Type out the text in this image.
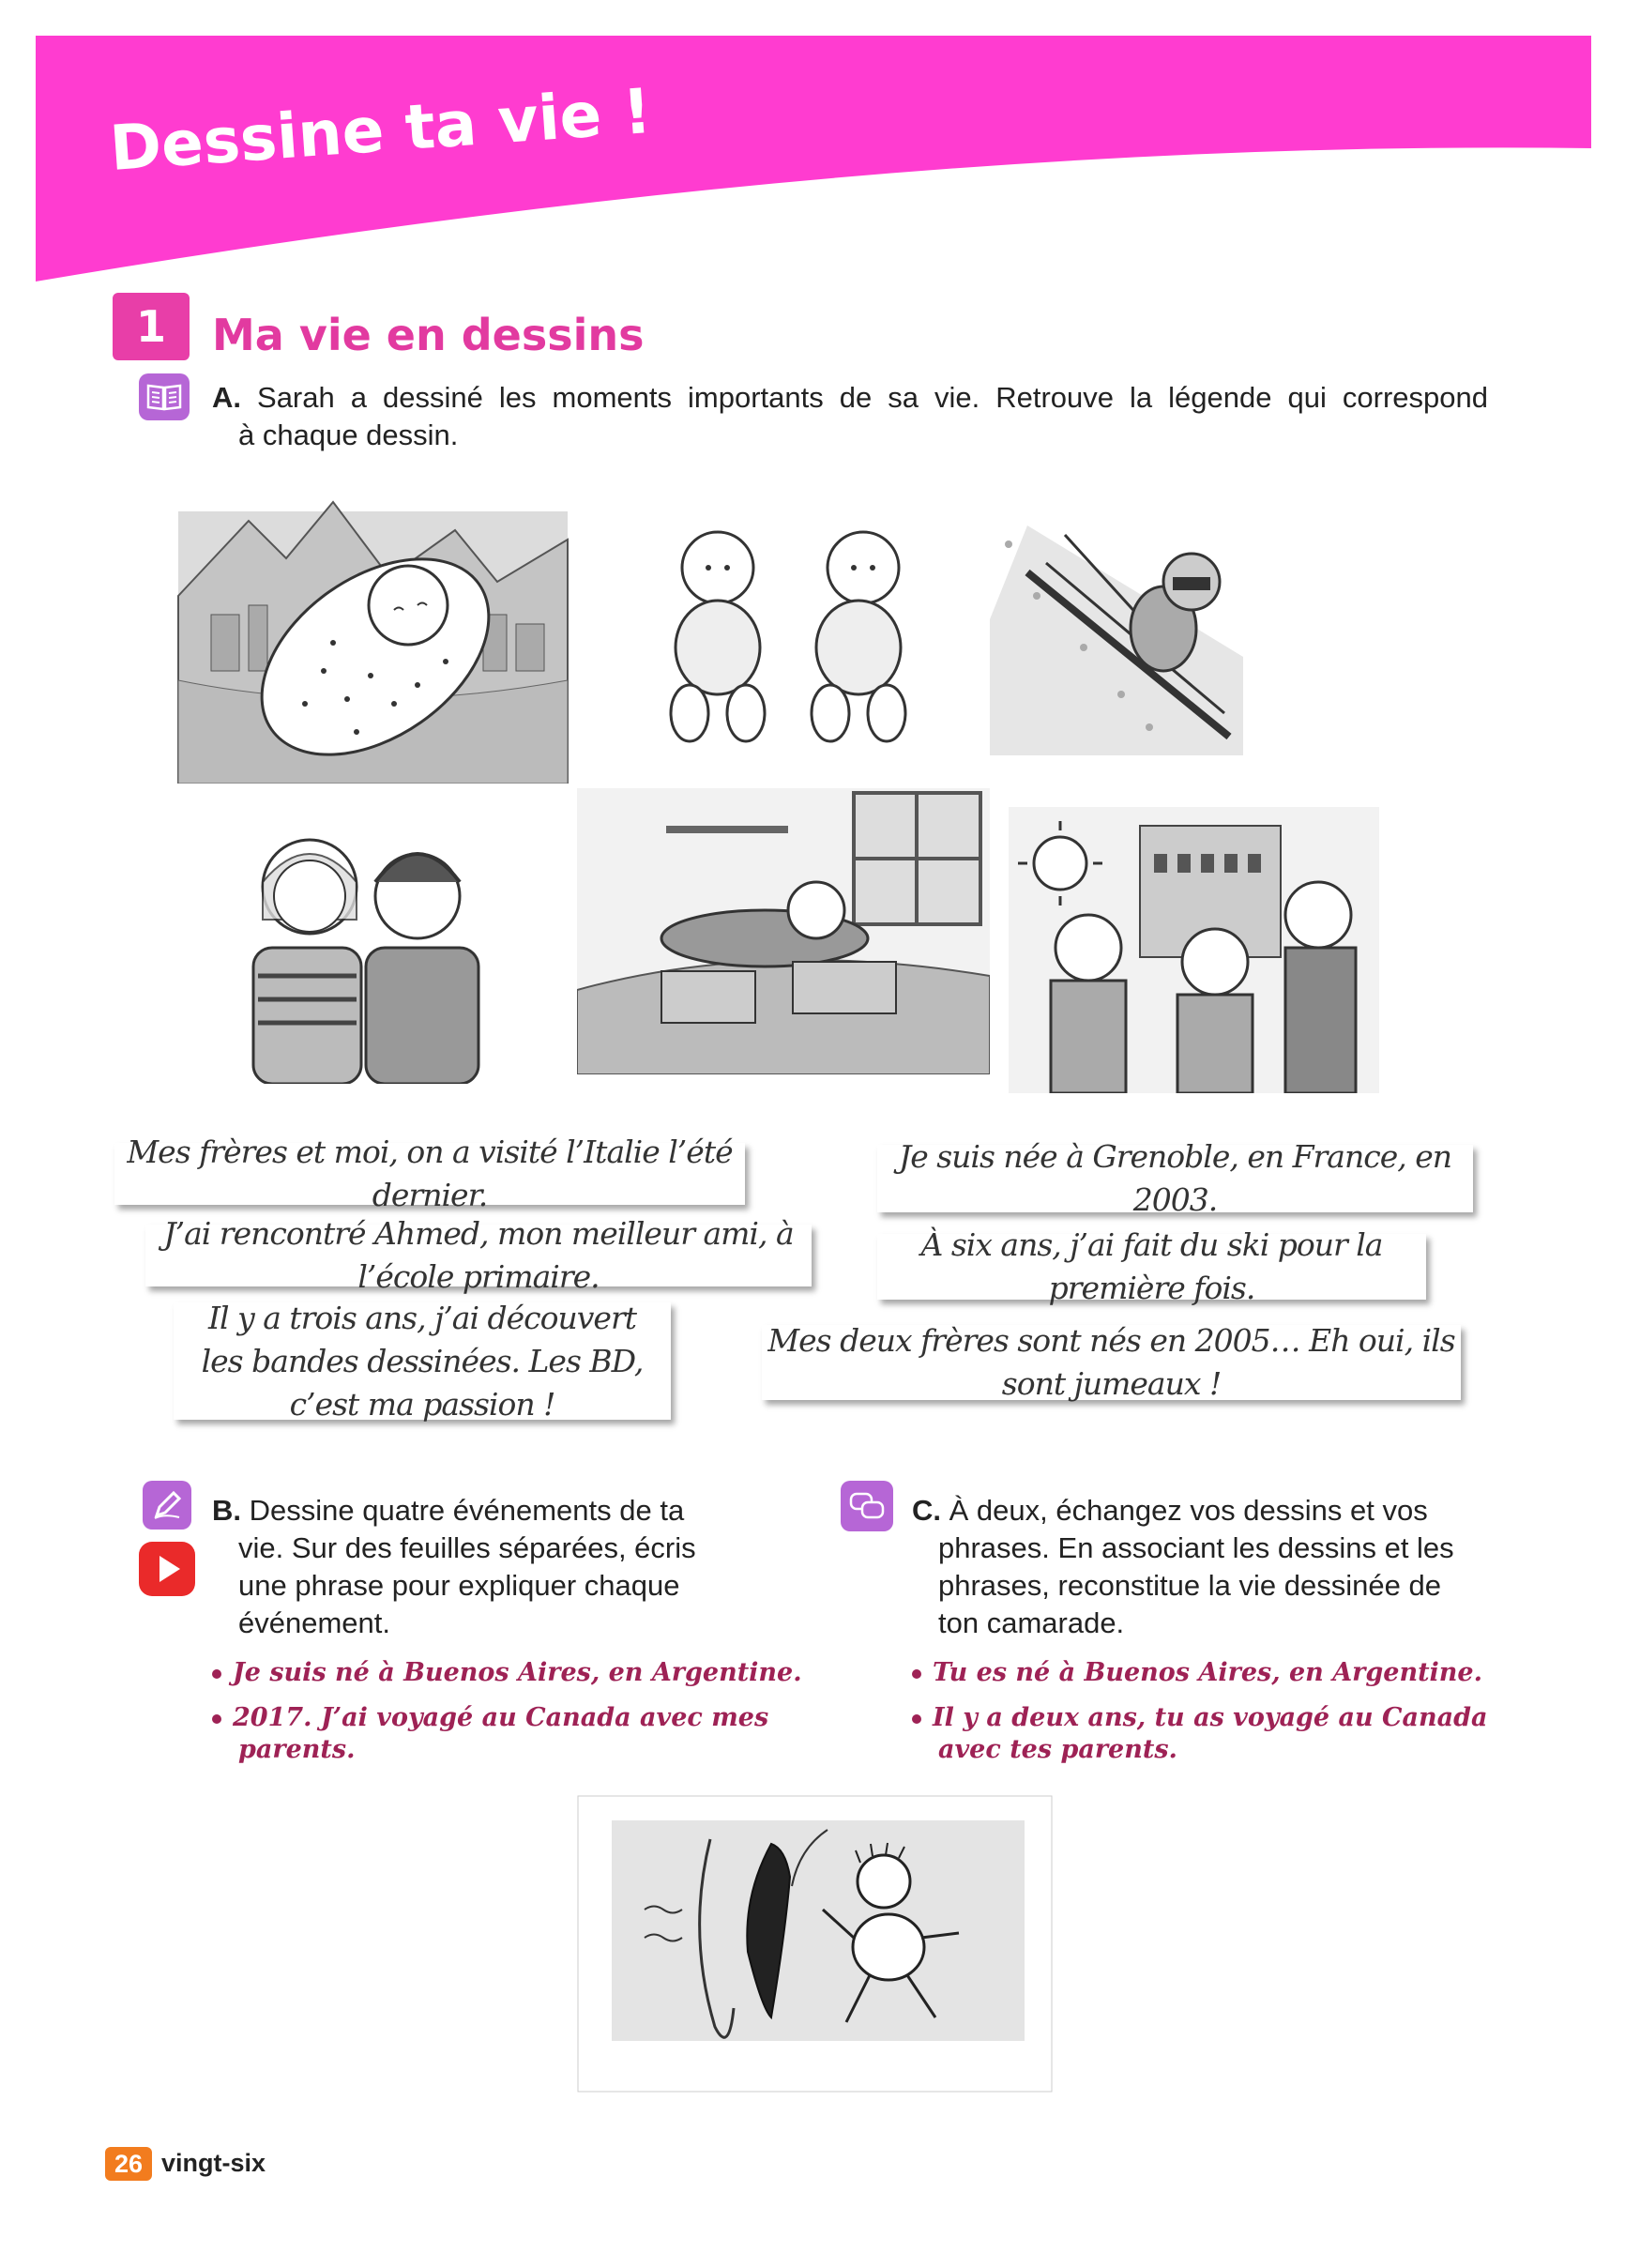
Dessine ta vie !
1	Ma vie en dessins
A. Sarah a dessiné les moments importants de sa vie. Retrouve la légende qui correspond
à chaque dessin.
Mes frères et moi, on a visité l’Italie l’été dernier.
Je suis née à Grenoble, en France, en 2003.
J’ai rencontré Ahmed, mon meilleur ami, à l’école primaire.
À six ans, j’ai fait du ski pour la première fois.
Il y a trois ans, j’ai découvert les bandes dessinées. Les BD, c’est ma passion !
Mes deux frères sont nés en 2005… Eh oui, ils sont jumeaux !
B. Dessine quatre événements de ta
vie. Sur des feuilles séparées, écris
une phrase pour expliquer chaque
événement.
Je suis né à Buenos Aires, en Argentine.
2017. J’ai voyagé au Canada avec mes
parents.
C. À deux, échangez vos dessins et vos
phrases. En associant les dessins et les
phrases, reconstitue la vie dessinée de
ton camarade.
Tu es né à Buenos Aires, en Argentine.
Il y a deux ans, tu as voyagé au Canada
avec tes parents.
26 vingt-six
